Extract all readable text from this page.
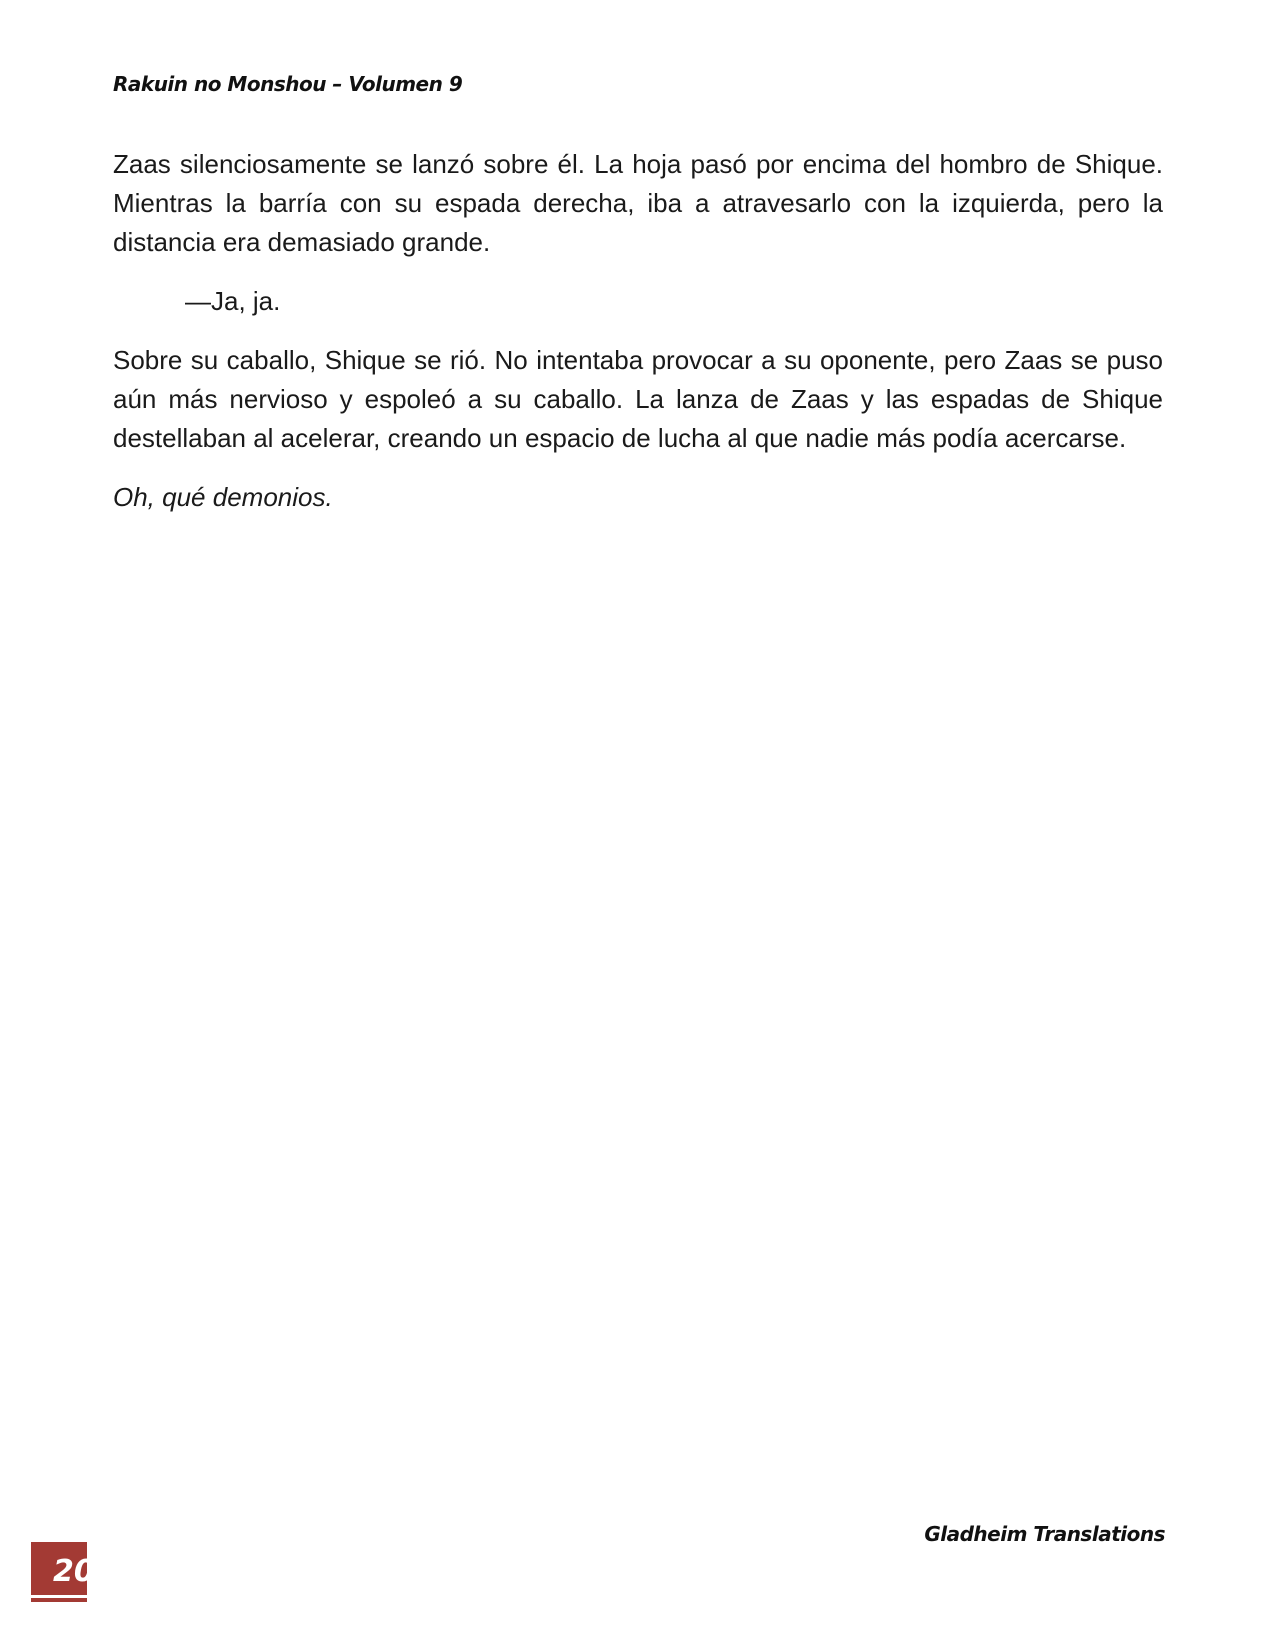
Rakuin no Monshou – Volumen 9

Zaas silenciosamente se lanzó sobre él. La hoja pasó por encima del hombro de Shique. Mientras la barría con su espada derecha, iba a atravesarlo con la izquierda, pero la distancia era demasiado grande.

—Ja, ja.

Sobre su caballo, Shique se rió. No intentaba provocar a su oponente, pero Zaas se puso aún más nervioso y espoleó a su caballo. La lanza de Zaas y las espadas de Shique destellaban al acelerar, creando un espacio de lucha al que nadie más podía acercarse.

Oh, qué demonios.

Gladheim Translations
20
